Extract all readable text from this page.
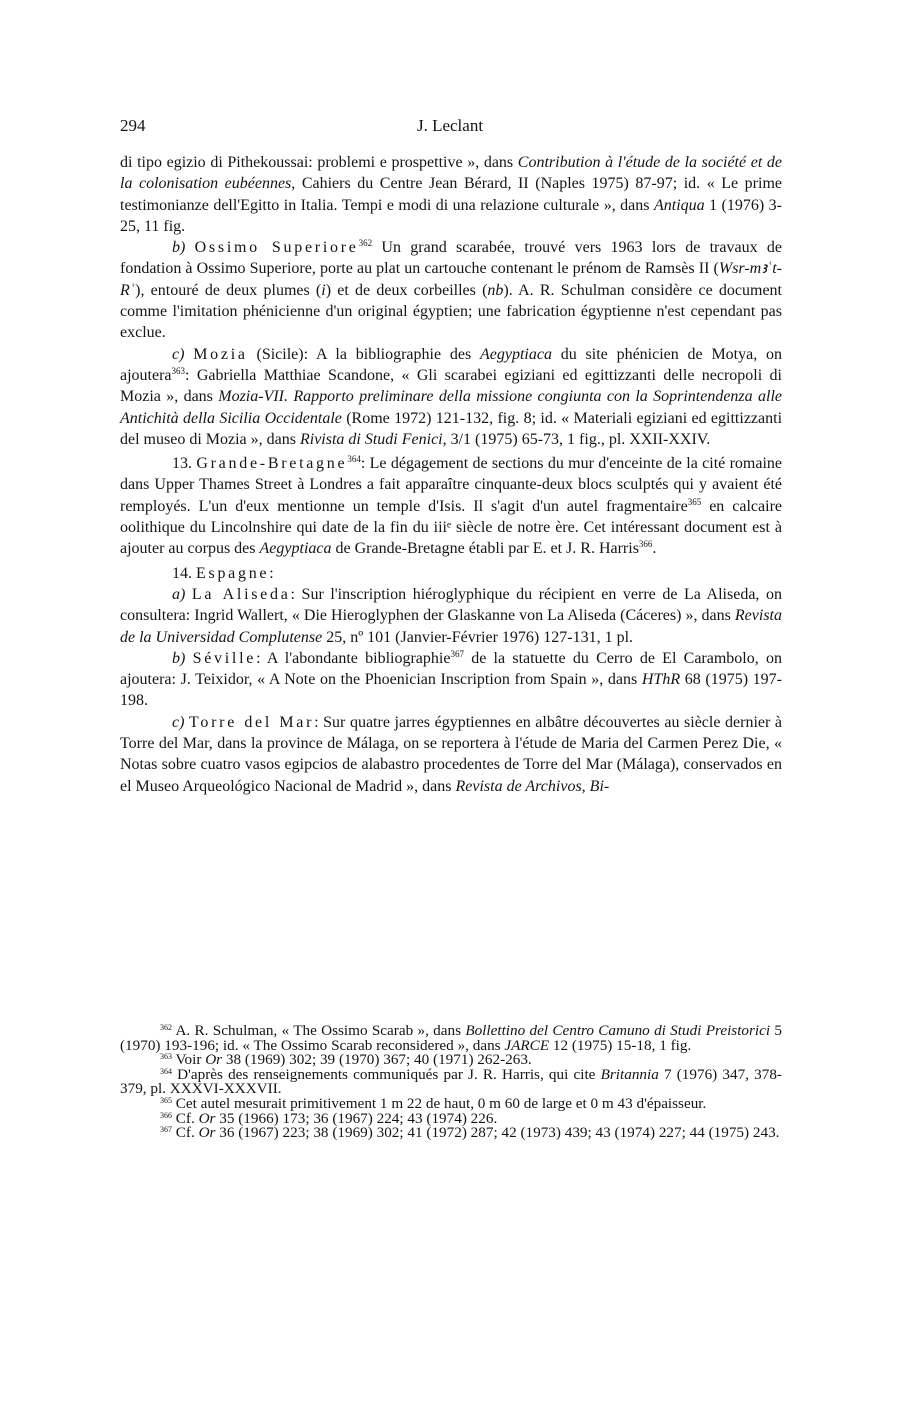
294	J. Leclant

di tipo egizio di Pithekoussai: problemi e prospettive », dans Contribution à l'étude de la société et de la colonisation eubéennes, Cahiers du Centre Jean Bérard, II (Naples 1975) 87-97; id. « Le prime testimonianze dell'Egitto in Italia. Tempi e modi di una relazione culturale », dans Antiqua 1 (1976) 3-25, 11 fig.

b) Ossimo Superiore$^{362}$ Un grand scarabée, trouvé vers 1963 lors de travaux de fondation à Ossimo Superiore, porte au plat un cartouche contenant le prénom de Ramsès II (Wsr-mꜣʿt-Rʿ), entouré de deux plumes (i) et de deux corbeilles (nb). A. R. Schulman considère ce document comme l'imitation phénicienne d'un original égyptien; une fabrication égyptienne n'est cependant pas exclue.

c) Mozia (Sicile): A la bibliographie des Aegyptiaca du site phénicien de Motya, on ajoutera$^{363}$: Gabriella Matthiae Scandone, « Gli scarabei egiziani ed egittizzanti delle necropoli di Mozia », dans Mozia-VII. Rapporto preliminare della missione congiunta con la Soprintendenza alle Antichità della Sicilia Occidentale (Rome 1972) 121-132, fig. 8; id. « Materiali egiziani ed egittizzanti del museo di Mozia », dans Rivista di Studi Fenici, 3/1 (1975) 65-73, 1 fig., pl. XXII-XXIV.

13. Grande-Bretagne$^{364}$: Le dégagement de sections du mur d'enceinte de la cité romaine dans Upper Thames Street à Londres a fait apparaître cinquante-deux blocs sculptés qui y avaient été remployés. L'un d'eux mentionne un temple d'Isis. Il s'agit d'un autel fragmentaire$^{365}$ en calcaire oolithique du Lincolnshire qui date de la fin du iiiᵉ siècle de notre ère. Cet intéressant document est à ajouter au corpus des Aegyptiaca de Grande-Bretagne établi par E. et J. R. Harris$^{366}$.

14. Espagne:

a) La Aliseda: Sur l'inscription hiéroglyphique du récipient en verre de La Aliseda, on consultera: Ingrid Wallert, « Die Hieroglyphen der Glaskanne von La Aliseda (Cáceres) », dans Revista de la Universidad Complutense 25, nº 101 (Janvier-Février 1976) 127-131, 1 pl.

b) Séville: A l'abondante bibliographie$^{367}$ de la statuette du Cerro de El Carambolo, on ajoutera: J. Teixidor, « A Note on the Phoenician Inscription from Spain », dans HThR 68 (1975) 197-198.

c) Torre del Mar: Sur quatre jarres égyptiennes en albâtre découvertes au siècle dernier à Torre del Mar, dans la province de Málaga, on se reportera à l'étude de Maria del Carmen Perez Die, « Notas sobre cuatro vasos egipcios de alabastro procedentes de Torre del Mar (Málaga), conservados en el Museo Arqueológico Nacional de Madrid », dans Revista de Archivos, Bi-

$^{362}$ A. R. Schulman, « The Ossimo Scarab », dans Bollettino del Centro Camuno di Studi Preistorici 5 (1970) 193-196; id. « The Ossimo Scarab reconsidered », dans JARCE 12 (1975) 15-18, 1 fig.

$^{363}$ Voir Or 38 (1969) 302; 39 (1970) 367; 40 (1971) 262-263.

$^{364}$ D'après des renseignements communiqués par J. R. Harris, qui cite Britannia 7 (1976) 347, 378-379, pl. XXXVI-XXXVII.

$^{365}$ Cet autel mesurait primitivement 1 m 22 de haut, 0 m 60 de large et 0 m 43 d'épaisseur.

$^{366}$ Cf. Or 35 (1966) 173; 36 (1967) 224; 43 (1974) 226.

$^{367}$ Cf. Or 36 (1967) 223; 38 (1969) 302; 41 (1972) 287; 42 (1973) 439; 43 (1974) 227; 44 (1975) 243.
